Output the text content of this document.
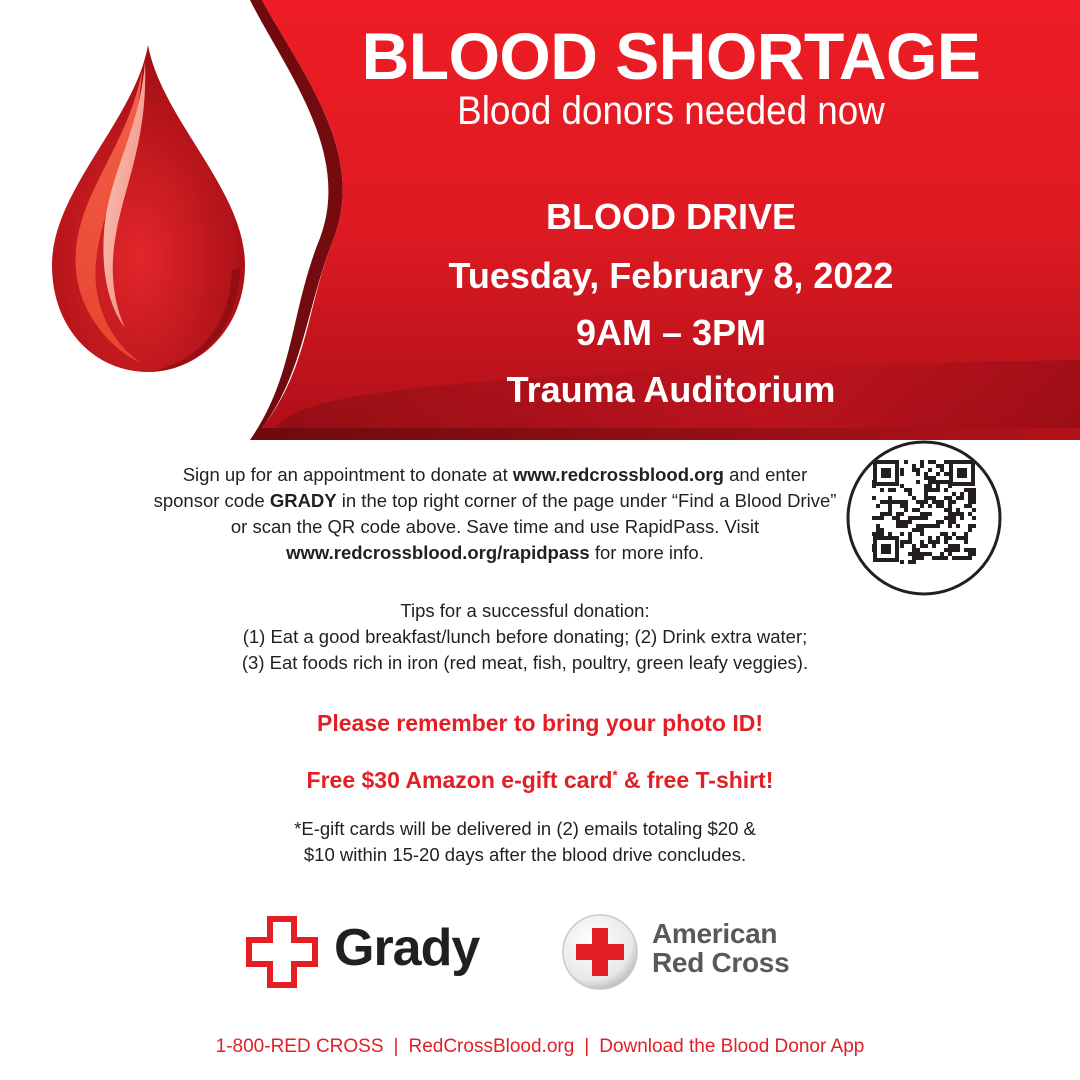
BLOOD SHORTAGE
Blood donors needed now
BLOOD DRIVE
Tuesday, February 8, 2022
9AM – 3PM
Trauma Auditorium
Sign up for an appointment to donate at www.redcrossblood.org and enter sponsor code GRADY in the top right corner of the page under “Find a Blood Drive” or scan the QR code above. Save time and use RapidPass. Visit www.redcrossblood.org/rapidpass for more info.
Tips for a successful donation:
(1) Eat a good breakfast/lunch before donating; (2) Drink extra water;
(3) Eat foods rich in iron (red meat, fish, poultry, green leafy veggies).
Please remember to bring your photo ID!
Free $30 Amazon e-gift card* & free T-shirt!
*E-gift cards will be delivered in (2) emails totaling $20 &
$10 within 15-20 days after the blood drive concludes.
Grady	American
Red Cross
1-800-RED CROSS | RedCrossBlood.org | Download the Blood Donor App
